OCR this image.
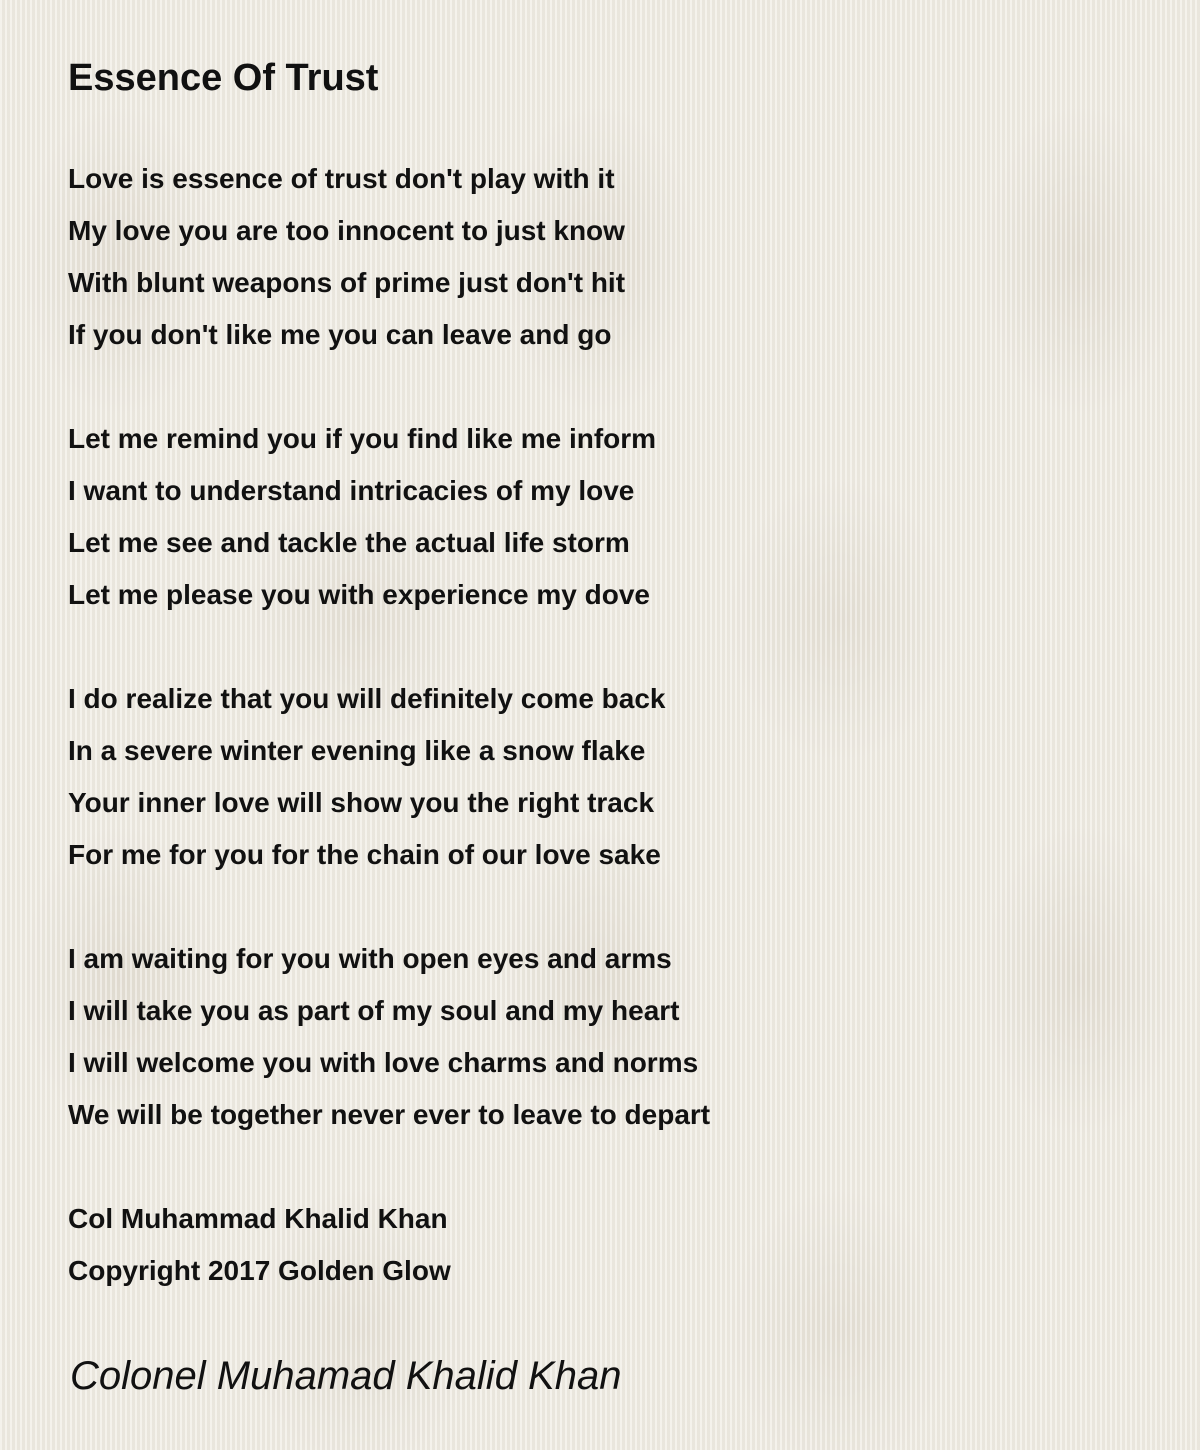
Essence Of Trust
Love is essence of trust don't play with it
My love you are too innocent to just know
With blunt weapons of prime just don't hit
If you don't like me you can leave and go
Let me remind you if you find like me inform
I want to understand intricacies of my love
Let me see and tackle the actual life storm
Let me please you with experience my dove
I do realize that you will definitely come back
In a severe winter evening like a snow flake
Your inner love will show you the right track
For me for you for the chain of our love sake
I am waiting for you with open eyes and arms
I will take you as part of my soul and my heart
I will welcome you with love charms and norms
We will be together never ever to leave to depart
Col Muhammad Khalid Khan
Copyright 2017 Golden Glow
Colonel Muhamad Khalid Khan
